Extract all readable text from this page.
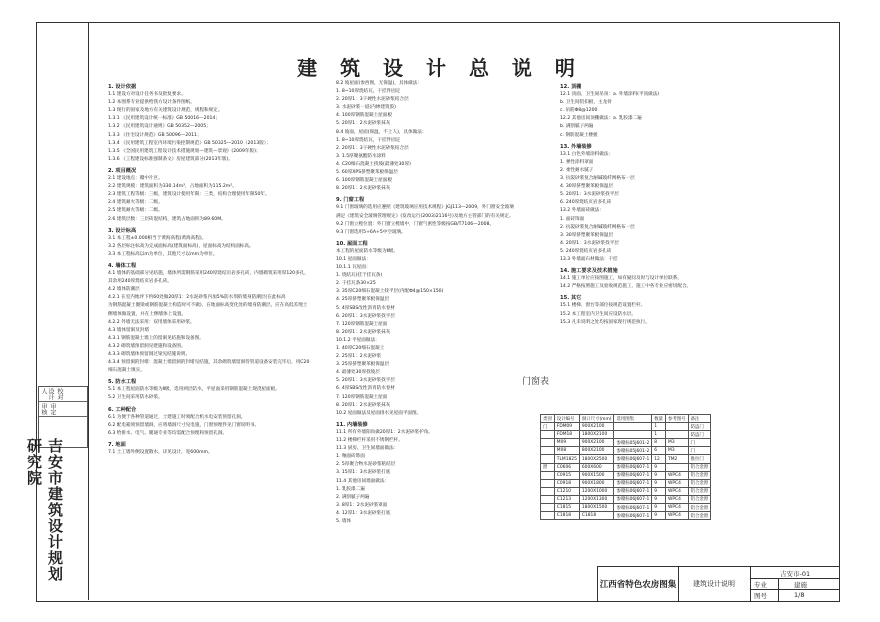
设计人	校对
审核 审定
吉安市建筑设计规划研究院
建 筑 设 计 总 说 明
1. 设计依据
1.1 建设方对设计任务书及批复要求。
1.2 本图系专业提供给我方设计条件图纸。
1.3 现行的国家及地方有关建筑设计规范，规程和规定。
1.3.1 《民用建筑设计统一标准》GB 50016—2014；
1.3.2 《民用建筑设计通则》GB 50352—2005；
1.3.3 《住宅设计规范》GB 50096—2011；
1.3.4 《民用建筑工程室内环境污染控制规范》GB 50325—2010（2013版）；
1.3.5 《全国民用建筑工程设计技术措施规划—建筑—景观》(2009年版)；
1.3.6 《工程建设标准强制条文》房屋建筑部分(2013年版)。
2. 项目概况
2.1 建设地点：赣中片区。
2.2 建筑规模：建筑面积为330.14m²，占地面积为115.2m²。
2.3 建筑工程等级：三级，建筑设计使用年限：三类，结构合理使用年限50年。
2.4 建筑耐火等级：二级。
2.5 建筑耐火等级：二级。
2.6 建筑层数：三层砖混结构，建筑占地面积为89.60M。
3. 设计标高
3.1 本工程±0.000相当于黄海高程(黄海高程)。
3.2 各层标注标高为完成面标高(建筑面标高)，屋面标高为结构面标高。
3.3 本工程标高以m为单位，其他尺寸以mm为单位。
4. 墙体工程
4.1 墙体的基础部分见结施，墙体所需钢筋采用240厚烧结页岩多孔砖，内墙砌筑采用厚120多孔，
其余用240厚烧结页岩多孔砖。
4.2 墙体防潮层
4.2.1 在室内地坪下约60处做20厚1：2水泥砂浆内加5%防水剂的墙身防潮层(在此标高
为钢筋混凝土圈梁或钢筋混凝土构造时可不做)，在地面标高变化处的墙身防潮层，应在高低差埋土
侧墙体做设置，并在土侧墙体上设置。
4.2.2 外墙无法采用：双用墙体采用砂浆。
4.3 墙体留洞及封堵
4.3.1 钢筋混凝土墙上的留洞见结施和设备图。
4.3.2 砌筑墙预留洞见建施和设备图。
4.3.3 砌筑墙体预留洞过梁见结施说明。
4.3.4 预留洞的封堵：混凝土墙留洞的封堵见结施，其余砌筑墙留洞待管道设备安装完毕后，用C20
细石混凝土填实。
5. 防水工程
5.1 本工程屋面防水等级为Ⅱ级，选用两层防水，平屋面采用钢筋混凝土现浇屋面板。
5.2 卫生间采用防水砂浆。
6. 工种配合
6.1 为便于各种管道通过，土建施工时须配合机水电安装预留孔洞。
6.2 配电箱须预留墙洞，应将墙洞尺寸见电施，门窗预埋件见门窗说明书。
6.3 给排水、电气、暖通专业等均需配合预埋和预留孔洞。
7. 地面
7.1 土工墙外侧设置散水，详见设计，宽600mm。
8.2 坡屋面(参西图，无保温)，具体做法：
1. 8~10厚烧结瓦，干挂件固定
2. 20厚1：3干硬性水泥砂浆结合层
3. 水泥砂浆一道(内掺建筑胶)
4. 100厚钢筋混凝土屋面板
5. 20厚1：2水泥砂浆抹灰
8.4 坡面，屋面(保温，不上人)，具体做法：
1. 8~10厚烧结瓦，干挂件固定
2. 20厚1：3干硬性水泥砂浆结合层
3. 1.5厚聚氨酯防水涂料
4. C20细石混凝土找坡(最薄处30厚)
5. 60厚XPS挤塑聚苯板保温层
6. 100厚钢筋混凝土屋面板
8. 20厚1：2水泥砂浆抹灰
9. 门窗工程
9.1 门窗玻璃的选用应遵照《建筑玻璃应用技术规程》JGJ113—2009，外门窗安全玻璃
满足《建筑安全玻璃管理规定》(发改运行(2003)2116号)及地方主管部门的有关规定。
9.2 门窗立樘位置：外门窗立樘墙中，门窗气密性等级按GB/T7106—2008。
9.3 门窗选用5+6A+5中空玻璃。
10. 屋面工程
本工程的屋面防水等级为Ⅱ级。
10.1 屋面做法：
10.1.1 瓦屋面：
1. 烧结瓦(挂于挂瓦条)
2. 干挂瓦条30×25
3. 35厚C20细石混凝土找平层(内配Φ4@150×150)
4. 25厚挤塑聚苯板保温层
5. 4厚SBS改性沥青防水卷材
6. 20厚1：3水泥砂浆找平层
7. 120厚钢筋混凝土屋面
8. 20厚1：2水泥砂浆抹灰
10.1.2 平屋面做法：
1. 40厚C20细石混凝土
2. 25厚1：2水泥砂浆
3. 25厚挤塑聚苯板保温层
4. 最薄处30厚找坡层
5. 20厚1：3水泥砂浆找平层
6. 4厚SBS改性沥青防水卷材
7. 120厚钢筋混凝土屋面
8. 20厚1：2水泥砂浆抹灰
10.2 屋面做法及屋面排水见屋面平面图。
11. 内墙装修
11.1 所有外墙阳角做20厚1：2水泥砂浆护角。
11.2 楼梯栏杆采用不锈钢栏杆。
11.3 厨房、卫生间墙面做法：
1. 釉面砖饰面
2. 5厚聚合物水泥砂浆粘结层
3. 15厚1：3水泥砂浆打底
11.4 其他房间墙面做法：
1. 乳胶漆二遍
2. 满刮腻子两遍
3. 8厚1：2水泥砂浆罩面
4. 12厚1：3水泥砂浆打底
5. 墙体
12. 顶棚
12.1 顶面、卫生间吊顶：a. 外墙涂料(平顶做法)
b. 卫生间铝扣板，主龙骨
c. 吊筋Φ8@1200
12.2 其他房间顶棚做法：a. 乳胶漆二遍
b. 满刮腻子两遍
c. 钢筋混凝土楼板
13. 外墙装修
13.1 白色外墙涂料做法：
1. 弹性涂料罩面
2. 柔性耐水腻子
3. 抗裂砂浆复合耐碱玻纤网格布一层
4. 30厚挤塑聚苯板保温层
5. 20厚1：3水泥砂浆找平层
6. 240厚烧结页岩多孔砖
13.2 外墙面砖做法：
1. 面砖饰面
2. 抗裂砂浆复合耐碱玻纤网格布一层
3. 30厚挤塑聚苯板保温层
4. 20厚1：3水泥砂浆找平层
5. 240厚烧结页岩多孔砖
13.3 外墙面石材做法：干挂
14. 施工要求及技术措施
14.1 施工单位应按图施工，如有疑问及时与设计单位联系。
14.2 严格按照施工及验收规范施工，施工中各专业应密切配合。
15. 其它
15.1 楼梯、窗台等部位按规范设置栏杆。
15.2 本工程室内卫生间应设防水层。
15.3 凡未说明之处均按国家现行规范执行。
门窗表
类别	设计编号	洞口尺寸(mm)	选用图集	数量	参考图号	备注
门	FDM09	900X2100		1		防盗门
	FDM18	1800X2100		1		防盗门
	M09	900X2100	参赣标05J601-2	8	M3	门
	M08	800X2100	参赣标05J601-2	6	M3	门
	TLM1825	1800X2500	参赣标06J607-1	12	TM2	推拉门
窗	C0606	600X600	参赣标06J607-1	9		铝合金窗
	C0915	900X1500	参赣标06J607-1	9	WPC4	铝合金窗
	C0918	900X1800	参赣标06J607-1	9	WPC4	铝合金窗
	C1210	1200X1000	参赣标06J607-1	9	WPC4	铝合金窗
	C1213	1200X1300	参赣标06J607-1	9	WPC4	铝合金窗
	C1815	1800X1500	参赣标06J607-1	9	WPC4	铝合金窗
	C1818	C1818	参赣标06J607-1	9	WPC4	铝合金窗
江西省特色农房图集	建筑设计说明
吉安市-01
专业	建施
图号	1/8
